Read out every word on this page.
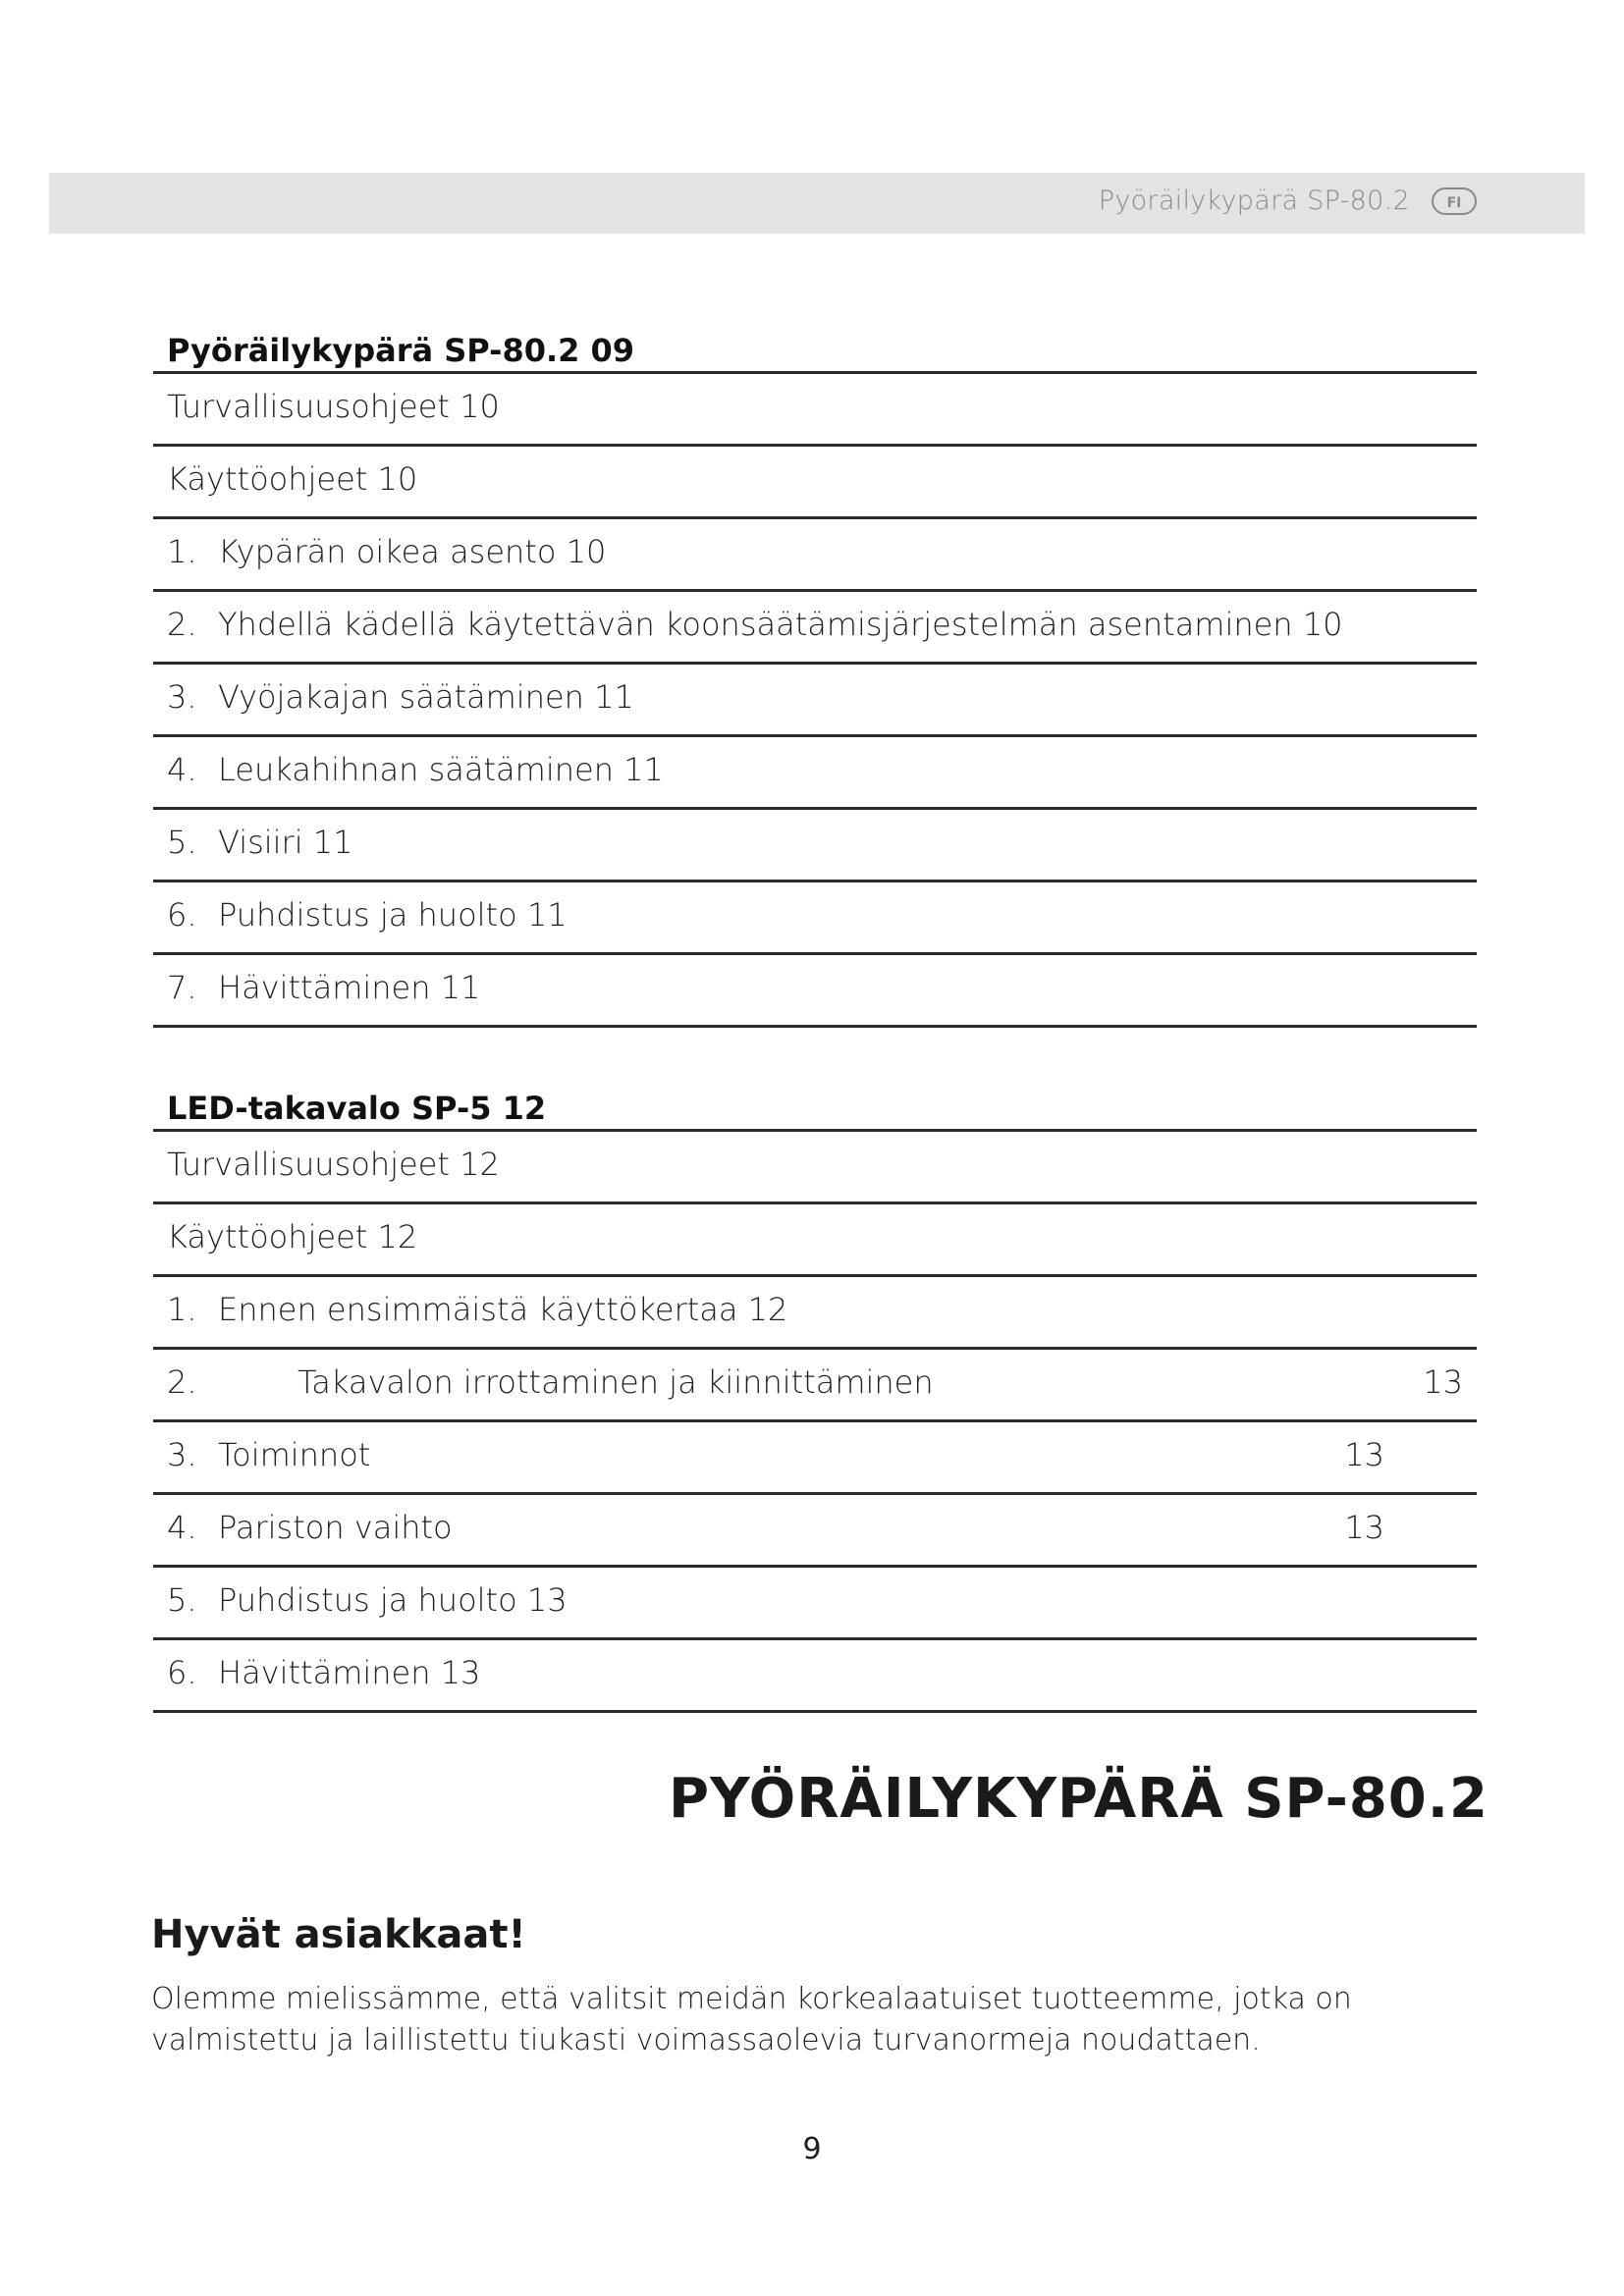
Pyöräilykypärä SP-80.2	FI
Pyöräilykypärä SP-80.2 09
Turvallisuusohjeet 10
Käyttöohjeet 10
1. Kypärän oikea asento 10
2. Yhdellä kädellä käytettävän koonsäätämisjärjestelmän asentaminen 10
3. Vyöjakajan säätäminen 11
4. Leukahihnan säätäminen 11
5. Visiiri 11
6. Puhdistus ja huolto 11
7. Hävittäminen 11
LED-takavalo SP-5 12
Turvallisuusohjeet 12
Käyttöohjeet 12
1. Ennen ensimmäistä käyttökertaa 12
2.	Takavalon irrottaminen ja kiinnittäminen	13
3. Toiminnot	13
4. Pariston vaihto	13
5. Puhdistus ja huolto 13
6. Hävittäminen 13
PYÖRÄILYKYPÄRÄ SP-80.2
Hyvät asiakkaat!
Olemme mielissämme, että valitsit meidän korkealaatuiset tuotteemme, jotka on valmistettu ja laillistettu tiukasti voimassaolevia turvanormeja noudattaen.
9
